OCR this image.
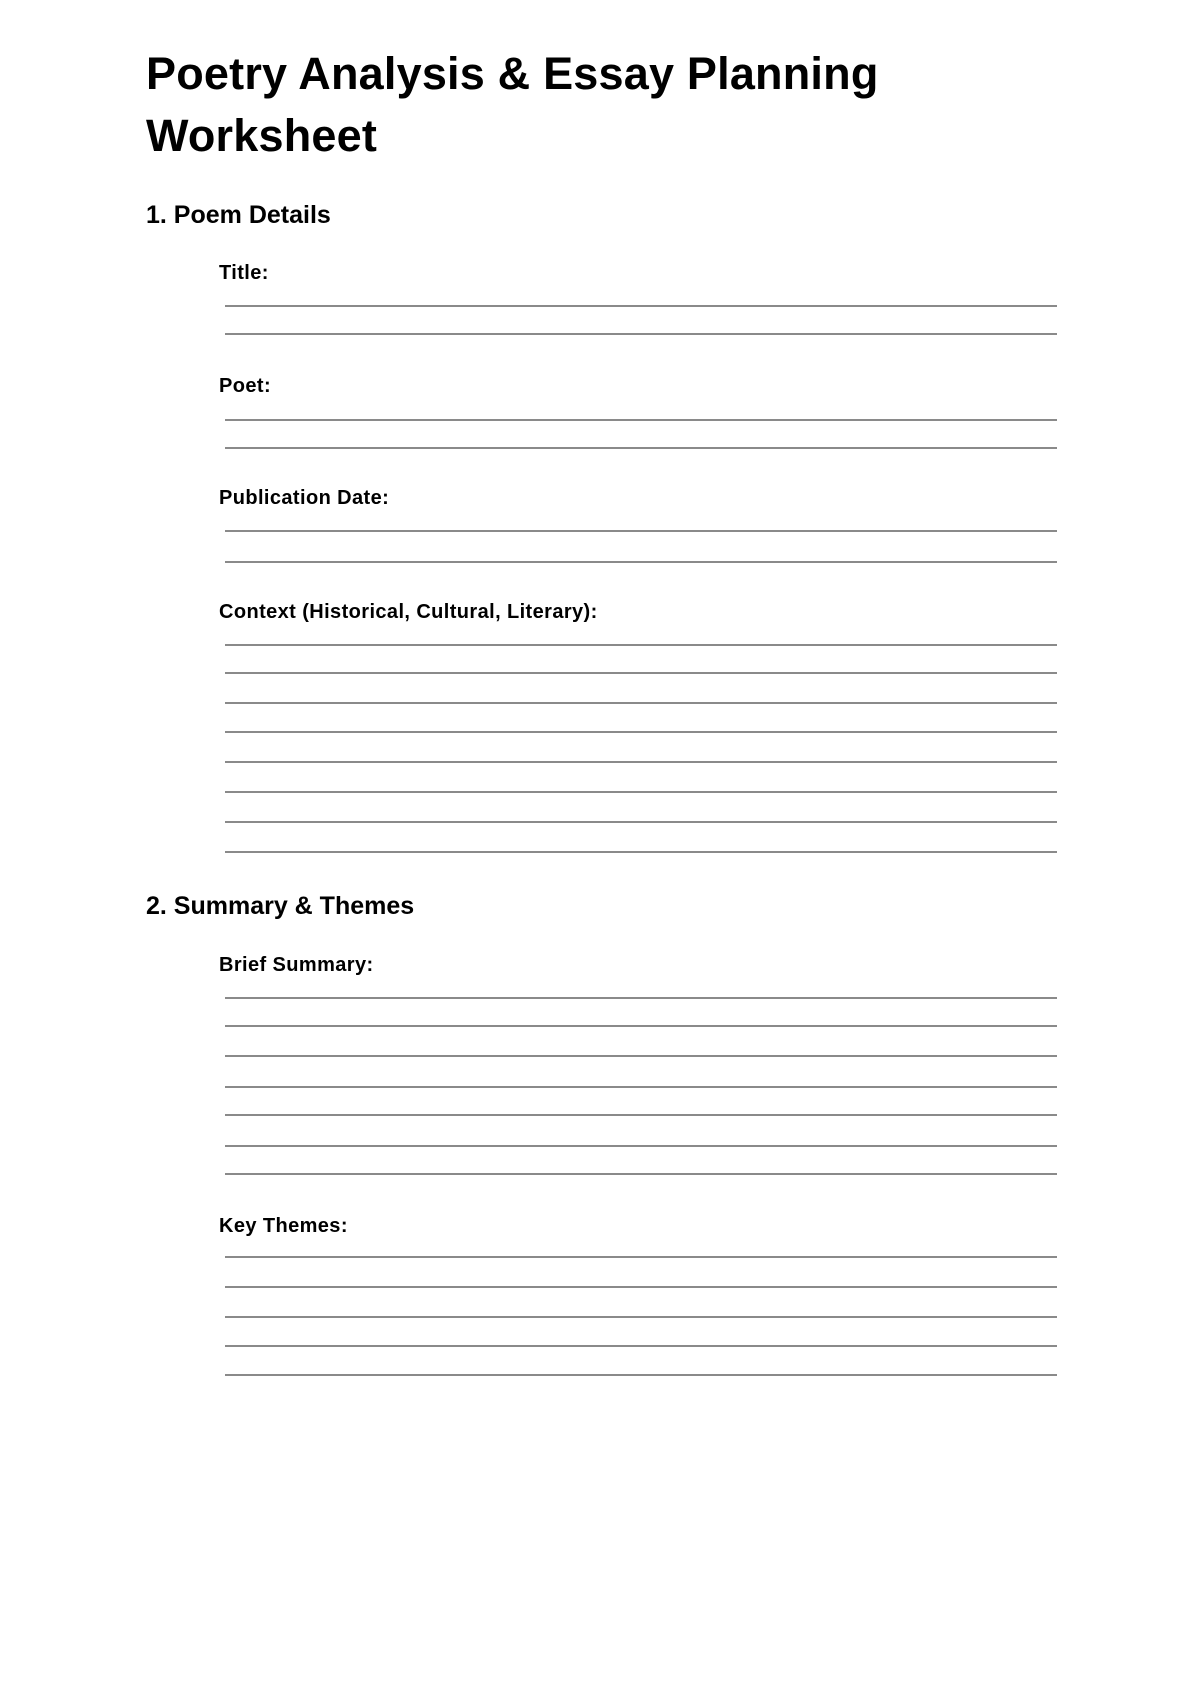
Poetry Analysis & Essay Planning
Worksheet
1. Poem Details
Title:
Poet:
Publication Date:
Context (Historical, Cultural, Literary):
2. Summary & Themes
Brief Summary:
Key Themes:
